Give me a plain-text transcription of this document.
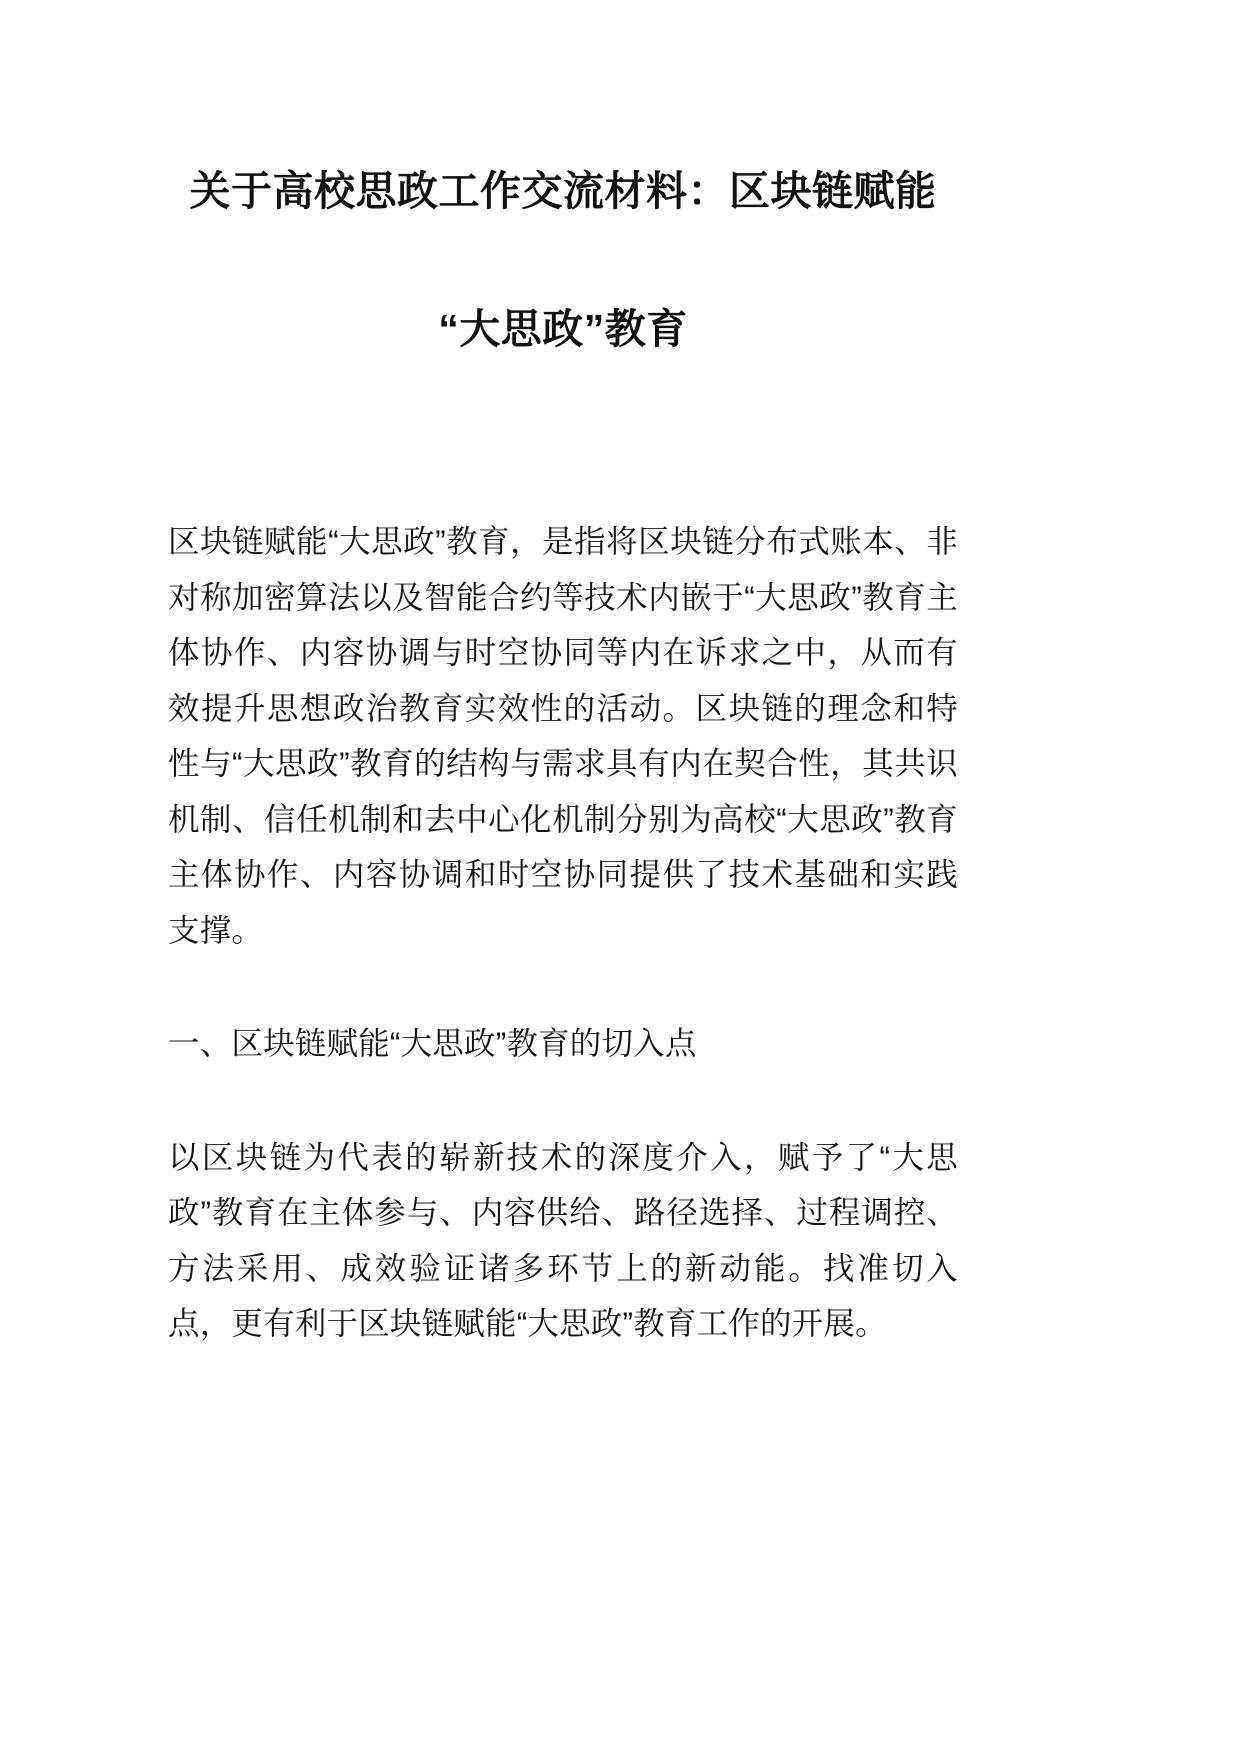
关于高校思政工作交流材料：区块链赋能
“大思政”教育

区块链赋能“大思政”教育，是指将区块链分布式账本、非对称加密算法以及智能合约等技术内嵌于“大思政”教育主体协作、内容协调与时空协同等内在诉求之中，从而有效提升思想政治教育实效性的活动。区块链的理念和特性与“大思政”教育的结构与需求具有内在契合性，其共识机制、信任机制和去中心化机制分别为高校“大思政”教育主体协作、内容协调和时空协同提供了技术基础和实践支撑。

一、区块链赋能“大思政”教育的切入点

以区块链为代表的崭新技术的深度介入，赋予了“大思政”教育在主体参与、内容供给、路径选择、过程调控、方法采用、成效验证诸多环节上的新动能。找准切入点，更有利于区块链赋能“大思政”教育工作的开展。
